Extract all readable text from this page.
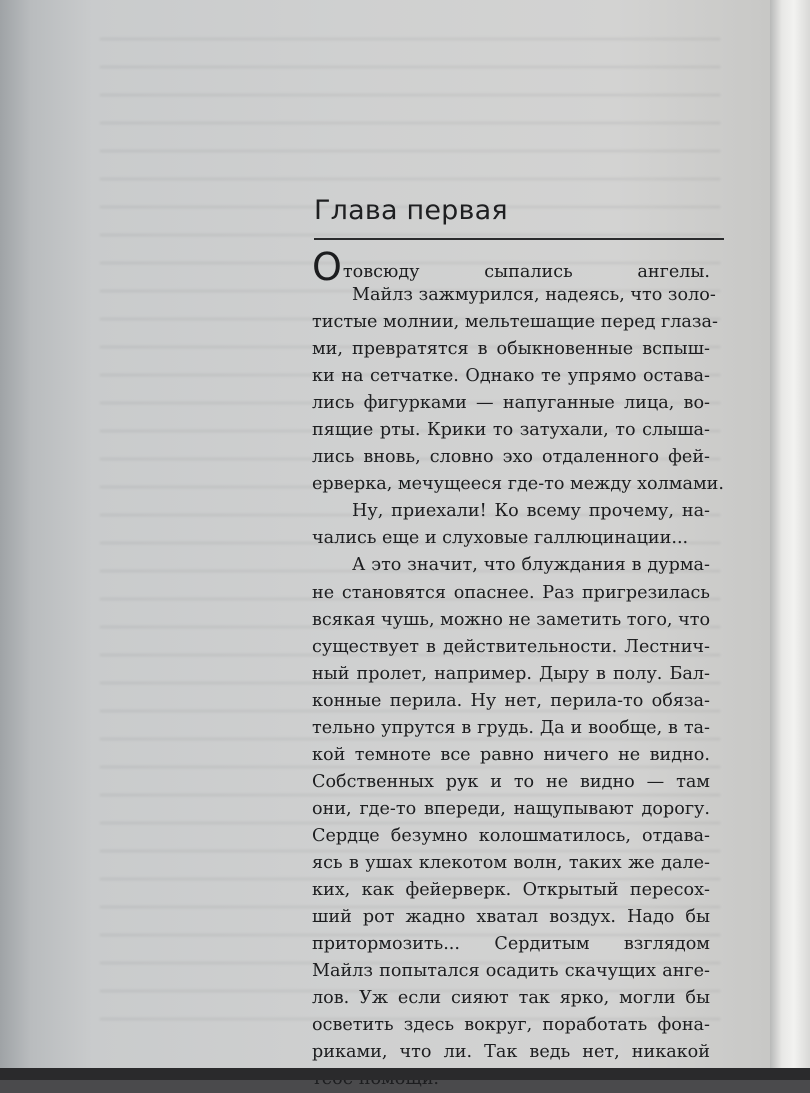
Глава первая
Отовсюду сыпались ангелы.
Майлз зажмурился, надеясь, что золо-
тистые молнии, мельтешащие перед глаза-
ми, превратятся в обыкновенные вспыш-
ки на сетчатке. Однако те упрямо остава-
лись фигурками — напуганные лица, во-
пящие рты. Крики то затухали, то слыша-
лись вновь, словно эхо отдаленного фей-
ерверка, мечущееся где-то между холмами.
Ну, приехали! Ко всему прочему, на-
чались еще и слуховые галлюцинации...
А это значит, что блуждания в дурма-
не становятся опаснее. Раз пригрезилась
всякая чушь, можно не заметить того, что
существует в действительности. Лестнич-
ный пролет, например. Дыру в полу. Бал-
конные перила. Ну нет, перила-то обяза-
тельно упрутся в грудь. Да и вообще, в та-
кой темноте все равно ничего не видно.
Собственных рук и то не видно — там
они, где-то впереди, нащупывают дорогу.
Сердце безумно колошматилось, отдава-
ясь в ушах клекотом волн, таких же дале-
ких, как фейерверк. Открытый пересох-
ший рот жадно хватал воздух. Надо бы
притормозить... Сердитым взглядом
Майлз попытался осадить скачущих анге-
лов. Уж если сияют так ярко, могли бы
осветить здесь вокруг, поработать фона-
риками, что ли. Так ведь нет, никакой
